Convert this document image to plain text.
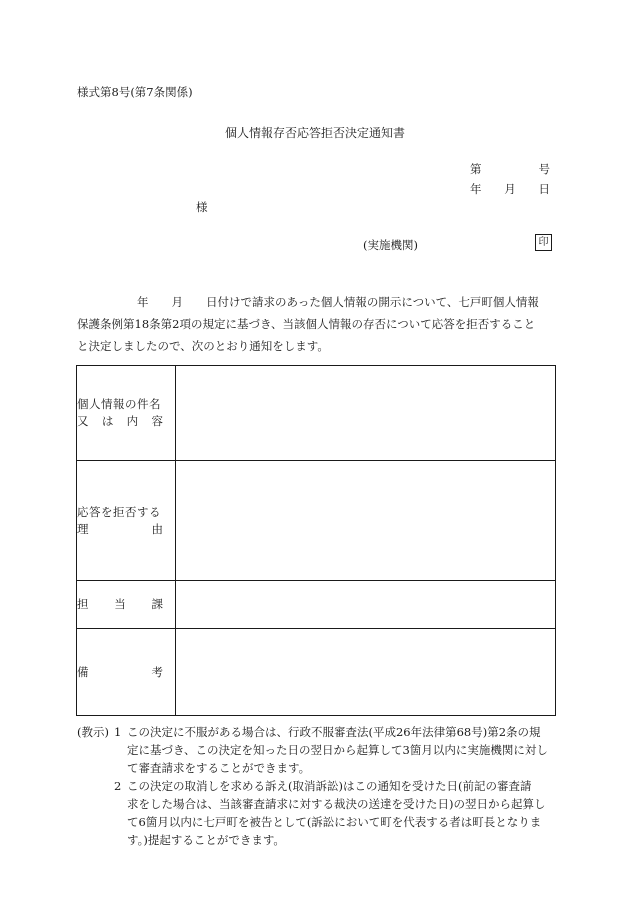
様式第8号(第7条関係)
個人情報存否応答拒否決定通知書
第	号
年 月 日
様
(実施機関)	印
年　　月　　日付けで請求のあった個人情報の開示について、七戸町個人情報
保護条例第18条第2項の規定に基づき、当該個人情報の存否について応答を拒否すること
と決定しましたので、次のとおり通知をします。
個人情報の件名
又 は 内 容	

応答を拒否する
理 由	

担 当 課	

備 考	

(教示) 1 この決定に不服がある場合は、行政不服審査法(平成26年法律第68号)第2条の規
定に基づき、この決定を知った日の翌日から起算して3箇月以内に実施機関に対し
て審査請求をすることができます。
2 この決定の取消しを求める訴え(取消訴訟)はこの通知を受けた日(前記の審査請
求をした場合は、当該審査請求に対する裁決の送達を受けた日)の翌日から起算し
て6箇月以内に七戸町を被告として(訴訟において町を代表する者は町長となりま
す。)提起することができます。
